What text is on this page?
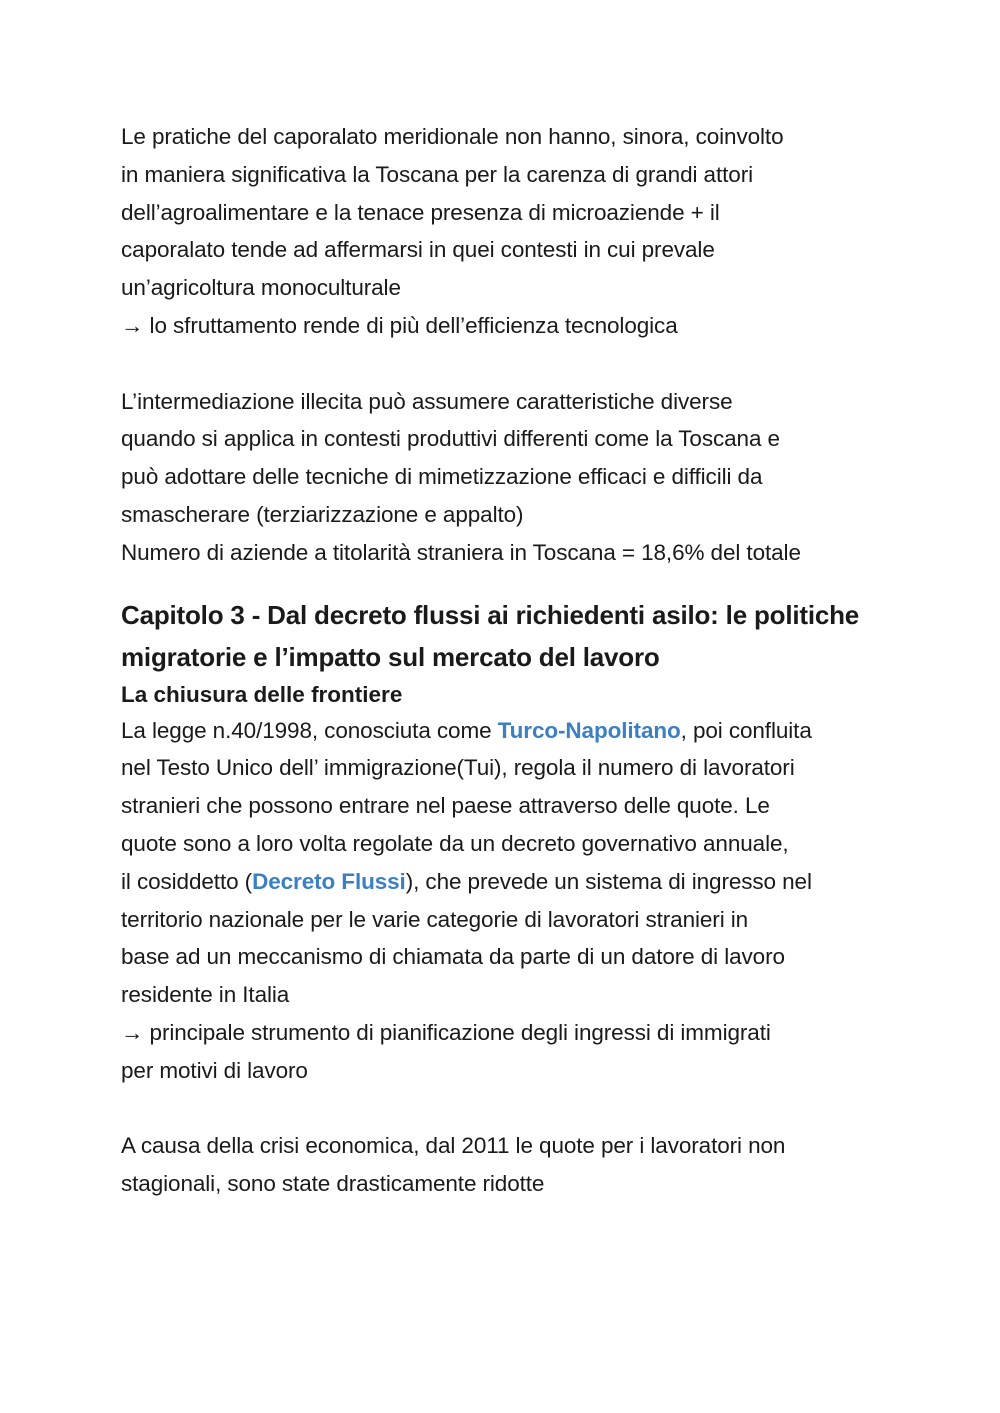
Le pratiche del caporalato meridionale non hanno, sinora, coinvolto
in maniera significativa la Toscana per la carenza di grandi attori
dell’agroalimentare e la tenace presenza di microaziende + il
caporalato tende ad affermarsi in quei contesti in cui prevale
un’agricoltura monoculturale
→ lo sfruttamento rende di più dell’efficienza tecnologica
L’intermediazione illecita può assumere caratteristiche diverse
quando si applica in contesti produttivi differenti come la Toscana e
può adottare delle tecniche di mimetizzazione efficaci e difficili da
smascherare (terziarizzazione e appalto)
Numero di aziende a titolarità straniera in Toscana = 18,6% del totale
Capitolo 3 - Dal decreto flussi ai richiedenti asilo: le politiche
migratorie e l’impatto sul mercato del lavoro
La chiusura delle frontiere
La legge n.40/1998, conosciuta come Turco-Napolitano, poi confluita
nel Testo Unico dell’ immigrazione(Tui), regola il numero di lavoratori
stranieri che possono entrare nel paese attraverso delle quote. Le
quote sono a loro volta regolate da un decreto governativo annuale,
il cosiddetto (Decreto Flussi), che prevede un sistema di ingresso nel
territorio nazionale per le varie categorie di lavoratori stranieri in
base ad un meccanismo di chiamata da parte di un datore di lavoro
residente in Italia
→ principale strumento di pianificazione degli ingressi di immigrati
per motivi di lavoro
A causa della crisi economica, dal 2011 le quote per i lavoratori non
stagionali, sono state drasticamente ridotte
